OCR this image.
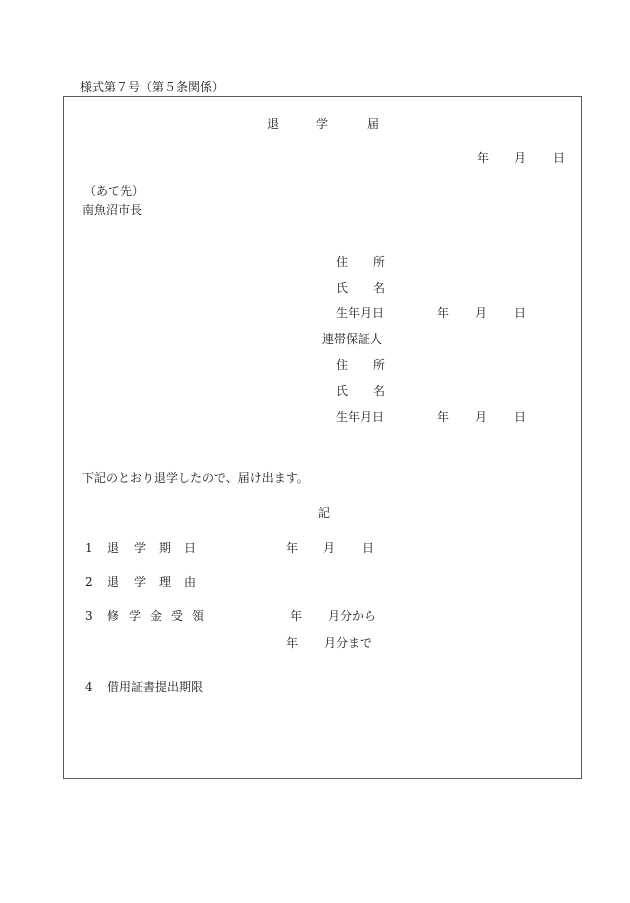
様式第７号（第５条関係）
退	学	届
年 月 日
（あて先）
南魚沼市長
住 所
氏 名
生年月日	年 月 日
連帯保証人
住 所
氏 名
生年月日	年 月 日
下記のとおり退学したので、届け出ます。
記
1 退 学 期 日	年 月 日
2 退 学 理 由
3 修 学 金 受 領	年 月分から
年 月分まで
4 借用証書提出期限
